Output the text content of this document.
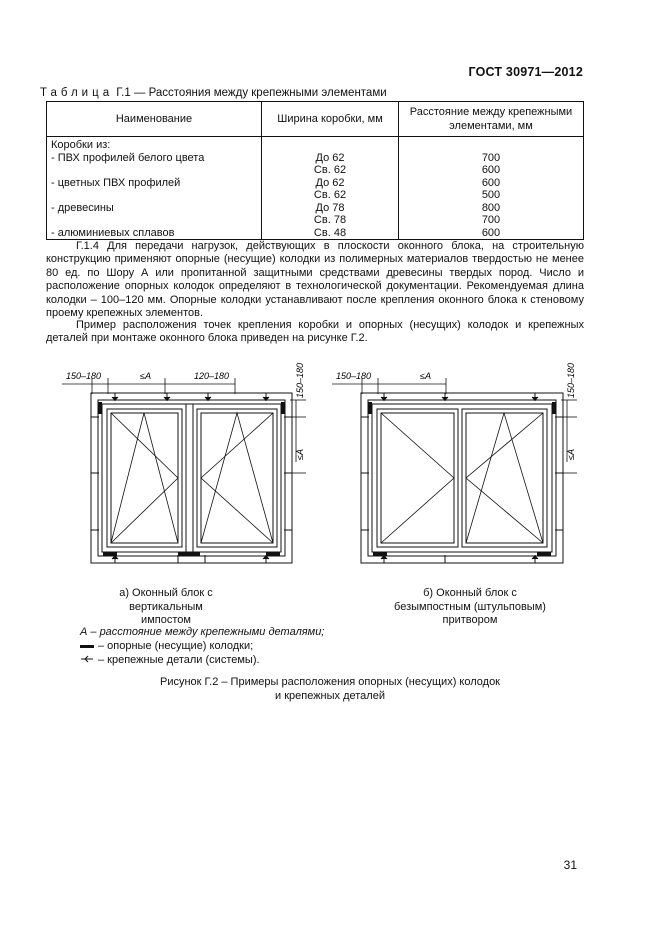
ГОСТ 30971—2012
Таблица Г.1 — Расстояния между крепежными элементами
Наименование	Ширина коробки, мм	Расстояние между крепежными элементами, мм
Коробки из:		
- ПВХ профилей белого цвета	До 62	700
	Св. 62	600
- цветных ПВХ профилей	До 62	600
	Св. 62	500
- древесины	До 78	800
	Св. 78	700
- алюминиевых сплавов	Св. 48	600
Г.1.4 Для передачи нагрузок, действующих в плоскости оконного блока, на строительную конструкцию применяют опорные (несущие) колодки из полимерных материалов твердостью не менее 80 ед. по Шору А или пропитанной защитными средствами древесины твердых пород. Число и расположение опорных колодок определяют в технологической документации. Рекомендуемая длина колодки – 100–120 мм. Опорные колодки устанавливают после крепления оконного блока к стеновому проему крепежных элементов.
Пример расположения точек крепления коробки и опорных (несущих) колодок и крепежных деталей при монтаже оконного блока приведен на рисунке Г.2.
150–180	≤A	120–180	150–180
≤A
150–180	≤A	150–180
≤A
а) Оконный блок с
вертикальным
импостом
б) Оконный блок с
безымпостным (штульповым)
притвором
А – расстояние между крепежными деталями;
– опорные (несущие) колодки;
– крепежные детали (системы).
Рисунок Г.2 – Примеры расположения опорных (несущих) колодок
и крепежных деталей
31
